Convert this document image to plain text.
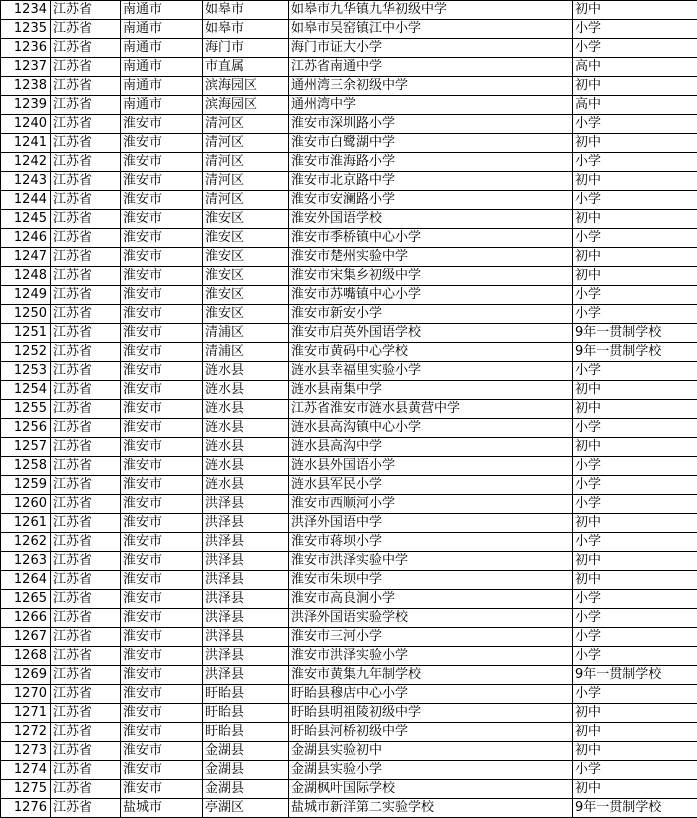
1234	江苏省	南通市	如皋市	如皋市九华镇九华初级中学	初中
1235	江苏省	南通市	如皋市	如皋市吴窑镇江中小学	小学
1236	江苏省	南通市	海门市	海门市证大小学	小学
1237	江苏省	南通市	市直属	江苏省南通中学	高中
1238	江苏省	南通市	滨海园区	通州湾三余初级中学	初中
1239	江苏省	南通市	滨海园区	通州湾中学	高中
1240	江苏省	淮安市	清河区	淮安市深圳路小学	小学
1241	江苏省	淮安市	清河区	淮安市白鹭湖中学	初中
1242	江苏省	淮安市	清河区	淮安市淮海路小学	小学
1243	江苏省	淮安市	清河区	淮安市北京路中学	初中
1244	江苏省	淮安市	清河区	淮安市安澜路小学	小学
1245	江苏省	淮安市	淮安区	淮安外国语学校	初中
1246	江苏省	淮安市	淮安区	淮安市季桥镇中心小学	小学
1247	江苏省	淮安市	淮安区	淮安市楚州实验中学	初中
1248	江苏省	淮安市	淮安区	淮安市宋集乡初级中学	初中
1249	江苏省	淮安市	淮安区	淮安市苏嘴镇中心小学	小学
1250	江苏省	淮安市	淮安区	淮安市新安小学	小学
1251	江苏省	淮安市	清浦区	淮安市启英外国语学校	9年一贯制学校
1252	江苏省	淮安市	清浦区	淮安市黄码中心学校	9年一贯制学校
1253	江苏省	淮安市	涟水县	涟水县幸福里实验小学	小学
1254	江苏省	淮安市	涟水县	涟水县南集中学	初中
1255	江苏省	淮安市	涟水县	江苏省淮安市涟水县黄营中学	初中
1256	江苏省	淮安市	涟水县	涟水县高沟镇中心小学	小学
1257	江苏省	淮安市	涟水县	涟水县高沟中学	初中
1258	江苏省	淮安市	涟水县	涟水县外国语小学	小学
1259	江苏省	淮安市	涟水县	涟水县军民小学	小学
1260	江苏省	淮安市	洪泽县	淮安市西顺河小学	小学
1261	江苏省	淮安市	洪泽县	洪泽外国语中学	初中
1262	江苏省	淮安市	洪泽县	淮安市蒋坝小学	小学
1263	江苏省	淮安市	洪泽县	淮安市洪泽实验中学	初中
1264	江苏省	淮安市	洪泽县	淮安市朱坝中学	初中
1265	江苏省	淮安市	洪泽县	淮安市高良涧小学	小学
1266	江苏省	淮安市	洪泽县	洪泽外国语实验学校	小学
1267	江苏省	淮安市	洪泽县	淮安市三河小学	小学
1268	江苏省	淮安市	洪泽县	淮安市洪泽实验小学	小学
1269	江苏省	淮安市	洪泽县	淮安市黄集九年制学校	9年一贯制学校
1270	江苏省	淮安市	盱眙县	盱眙县穆店中心小学	小学
1271	江苏省	淮安市	盱眙县	盱眙县明祖陵初级中学	初中
1272	江苏省	淮安市	盱眙县	盱眙县河桥初级中学	初中
1273	江苏省	淮安市	金湖县	金湖县实验初中	初中
1274	江苏省	淮安市	金湖县	金湖县实验小学	小学
1275	江苏省	淮安市	金湖县	金湖枫叶国际学校	初中
1276	江苏省	盐城市	亭湖区	盐城市新洋第二实验学校	9年一贯制学校
